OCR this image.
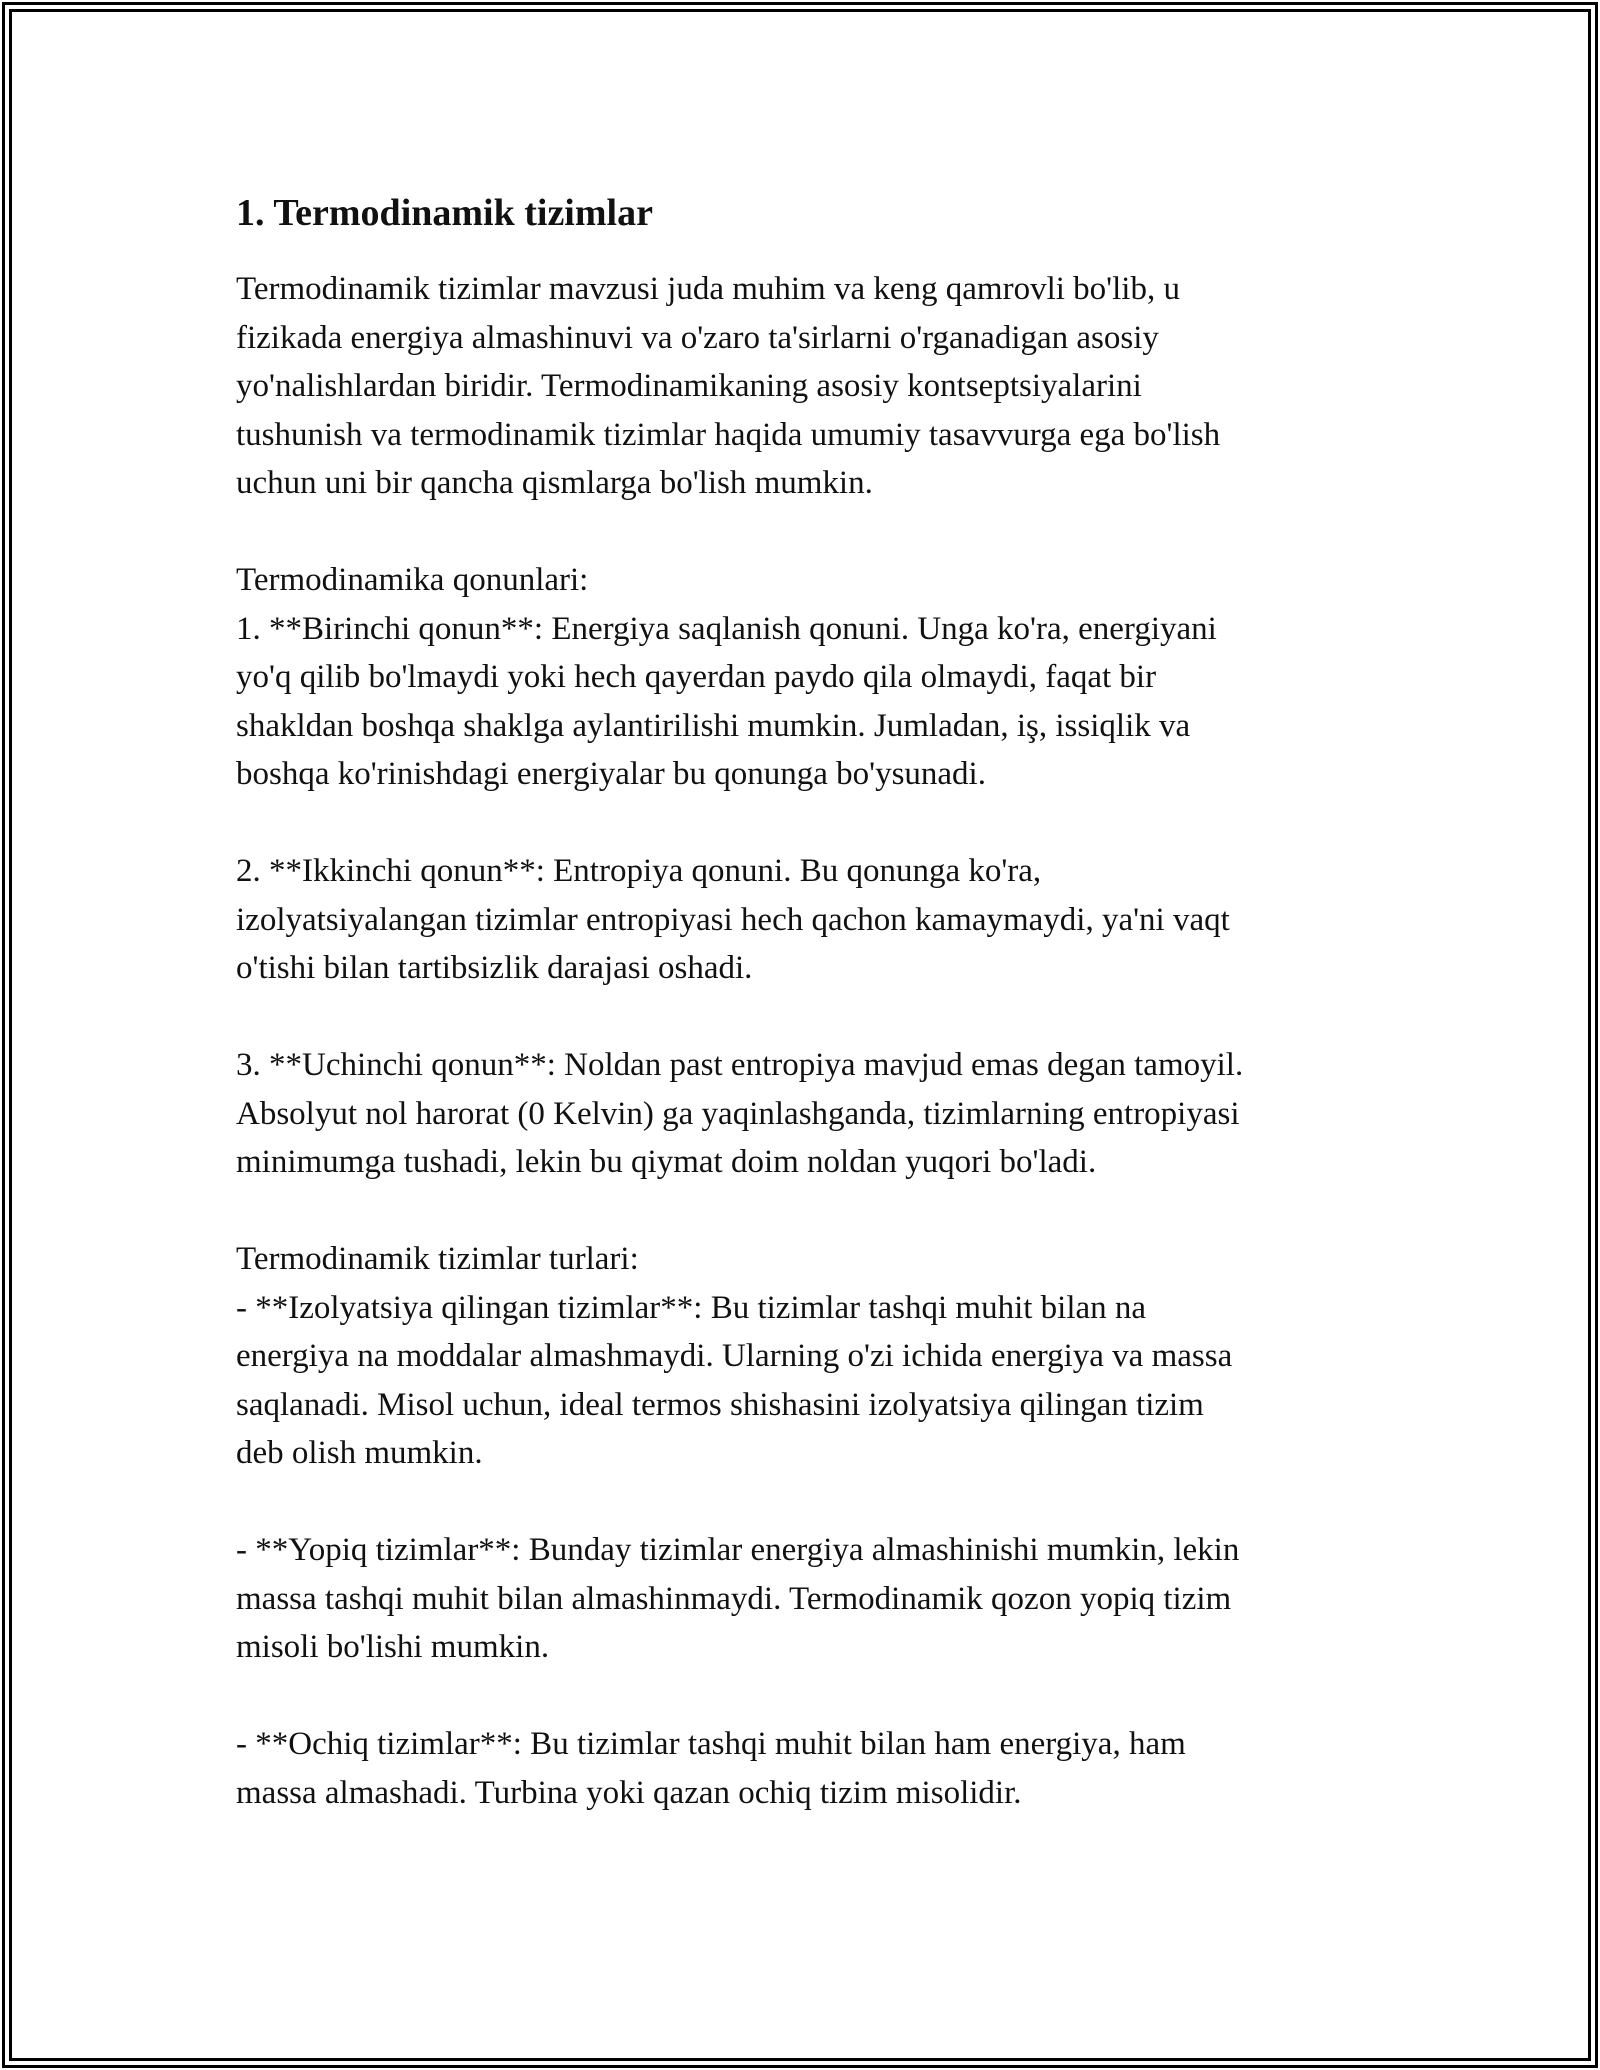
1. Termodinamik tizimlar

Termodinamik tizimlar mavzusi juda muhim va keng qamrovli bo'lib, u
fizikada energiya almashinuvi va o'zaro ta'sirlarni o'rganadigan asosiy
yo'nalishlardan biridir. Termodinamikaning asosiy kontseptsiyalarini
tushunish va termodinamik tizimlar haqida umumiy tasavvurga ega bo'lish
uchun uni bir qancha qismlarga bo'lish mumkin.

Termodinamika qonunlari:

1. **Birinchi qonun**: Energiya saqlanish qonuni. Unga ko'ra, energiyani
yo'q qilib bo'lmaydi yoki hech qayerdan paydo qila olmaydi, faqat bir
shakldan boshqa shaklga aylantirilishi mumkin. Jumladan, iş, issiqlik va
boshqa ko'rinishdagi energiyalar bu qonunga bo'ysunadi.

2. **Ikkinchi qonun**: Entropiya qonuni. Bu qonunga ko'ra,
izolyatsiyalangan tizimlar entropiyasi hech qachon kamaymaydi, ya'ni vaqt
o'tishi bilan tartibsizlik darajasi oshadi.

3. **Uchinchi qonun**: Noldan past entropiya mavjud emas degan tamoyil.
Absolyut nol harorat (0 Kelvin) ga yaqinlashganda, tizimlarning entropiyasi
minimumga tushadi, lekin bu qiymat doim noldan yuqori bo'ladi.

Termodinamik tizimlar turlari:

- **Izolyatsiya qilingan tizimlar**: Bu tizimlar tashqi muhit bilan na
energiya na moddalar almashmaydi. Ularning o'zi ichida energiya va massa
saqlanadi. Misol uchun, ideal termos shishasini izolyatsiya qilingan tizim
deb olish mumkin.

- **Yopiq tizimlar**: Bunday tizimlar energiya almashinishi mumkin, lekin
massa tashqi muhit bilan almashinmaydi. Termodinamik qozon yopiq tizim
misoli bo'lishi mumkin.

- **Ochiq tizimlar**: Bu tizimlar tashqi muhit bilan ham energiya, ham
massa almashadi. Turbina yoki qazan ochiq tizim misolidir.
